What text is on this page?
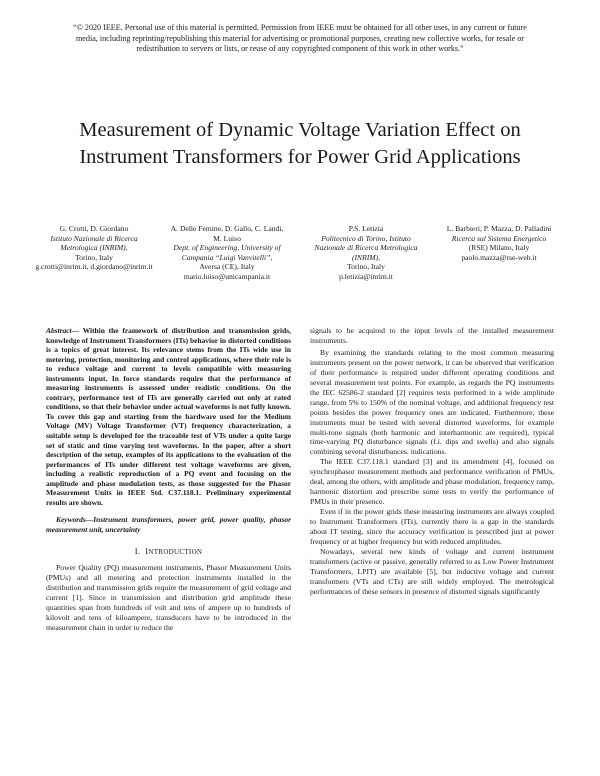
“© 2020 IEEE. Personal use of this material is permitted. Permission from IEEE must be obtained for all other uses, in any current or future media, including reprinting/republishing this material for advertising or promotional purposes, creating new collective works, for resale or redistribution to servers or lists, or reuse of any copyrighted component of this work in other works.”
Measurement of Dynamic Voltage Variation Effect on Instrument Transformers for Power Grid Applications
G. Crotti, D. Giordano
Istituto Nazionale di Ricerca Metrologica (INRIM),
Torino, Italy
g.crotti@inrim.it, d.giordano@inrim.it
A. Delle Femine, D. Gallo, C. Landi, M. Luiso
Dept. of Engineering, University of Campania “Luigi Vanvitelli”,
Aversa (CE), Italy
mario.luiso@unicampania.it
P.S. Letizia
Politecnico di Torino, Istituto Nazionale di Ricerca Metrologica (INRIM),
Torino, Italy
p.letizia@inrim.it
L. Barbieri, P. Mazza, D. Palladini
Ricerca sul Sistema Energetico
(RSE) Milano, Italy
paolo.mazza@rse-web.it

Abstract— Within the framework of distribution and transmission grids, knowledge of Instrument Transformers (ITs) behavior in distorted conditions is a topics of great interest. Its relevance stems from the ITs wide use in metering, protection, monitoring and control applications, where their role is to reduce voltage and current to levels compatible with measuring instruments input. In force standards require that the performance of measuring instruments is assessed under realistic conditions. On the contrary, performance test of ITs are generally carried out only at rated conditions, so that their behavior under actual waveforms is not fully known. To cover this gap and starting from the hardware used for the Medium Voltage (MV) Voltage Transformer (VT) frequency characterization, a suitable setup is developed for the traceable test of VTs under a quite large set of static and time varying test waveforms. In the paper, after a short description of the setup, examples of its applications to the evaluation of the performances of ITs under different test voltage waveforms are given, including a realistic reproduction of a PQ event and focusing on the amplitude and phase modulation tests, as those suggested for the Phasor Measurement Units in IEEE Std. C37.118.1. Preliminary experimental results are shown.

Keywords—Instrument transformers, power grid, power quality, phasor measurement unit, uncertainty

I. INTRODUCTION

Power Quality (PQ) measurement instruments, Phasor Measurement Units (PMUs) and all metering and protection instruments installed in the distribution and transmission grids require the measurement of grid voltage and current [1]. Since in transmission and distribution grid amplitude these quantities span from hundreds of volt and tens of ampere up to hundreds of kilovolt and tens of kiloampere, transducers have to be introduced in the measurement chain in order to reduce the

signals to be acquired to the input levels of the installed measurement instruments.

By examining the standards relating to the most common measuring instruments present on the power network, it can be observed that verification of their performance is required under different operating conditions and several measurement test points. For example, as regards the PQ instruments the IEC 62586-2 standard [2] requires tests performed in a wide amplitude range, from 5% to 150% of the nominal voltage, and additional frequency test points besides the power frequency ones are indicated. Furthermore, these instruments must be tested with several distorted waveforms, for example multi-tone signals (both harmonic and interharmonic are required), typical time-varying PQ disturbance signals (f.i. dips and swells) and also signals combining several disturbances. indications.

The IEEE C37.118.1 standard [3] and its amendment [4], focused on synchrophasor measurement methods and performance verification of PMUs, deal, among the others, with amplitude and phase modulation, frequency ramp, harmonic distortion and prescribe some tests to verify the performance of PMUs in their presence.

Even if in the power grids these measuring instruments are always coupled to Instrument Transformers (ITs), currently there is a gap in the standards about IT testing, since the accuracy verification is prescribed just at power frequency or at higher frequency but with reduced amplitudes.

Nowadays, several new kinds of voltage and current instrument transformers (active or passive, generally referred to as Low Power Instrument Transformers, LPIT) are available [5], but inductive voltage and current transformers (VTs and CTs) are still widely employed. The metrological performances of these sensors in presence of distorted signals significantly
